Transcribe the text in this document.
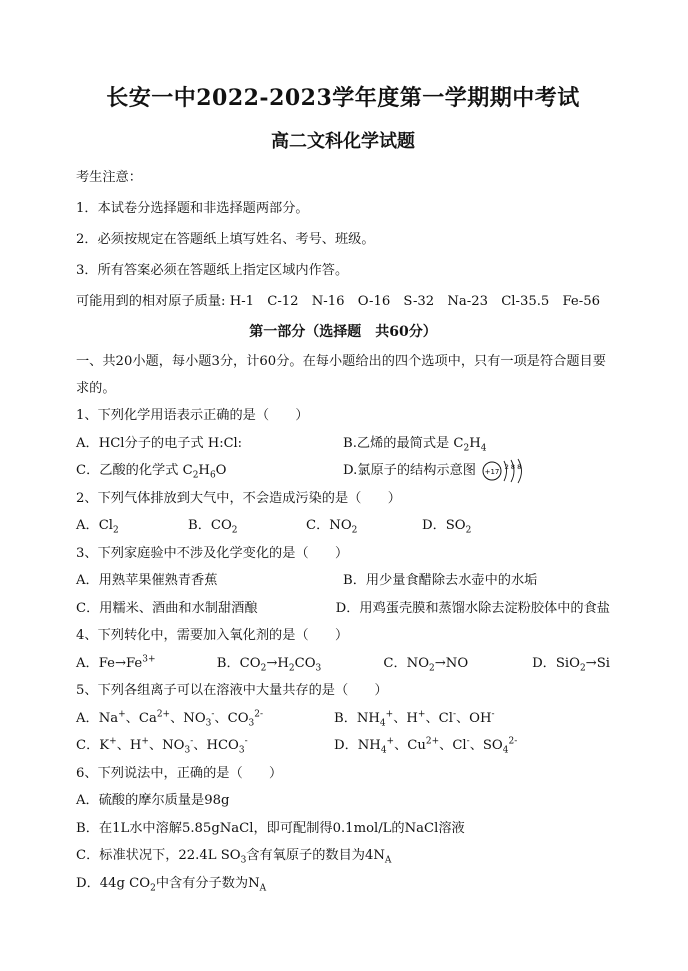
长安一中2022-2023学年度第一学期期中考试
高二文科化学试题
考生注意：
1．本试卷分选择题和非选择题两部分。
2．必须按规定在答题纸上填写姓名、考号、班级。
3．所有答案必须在答题纸上指定区域内作答。
可能用到的相对原子质量: H-1　C-12　N-16　O-16　S-32　Na-23　Cl-35.5　Fe-56
第一部分（选择题　共60分）
一、共20小题，每小题3分，计60分。在每小题给出的四个选项中，只有一项是符合题目要求的。
1、下列化学用语表示正确的是（　　）
A．HCl分子的电子式 H:Cl:	B.乙烯的最简式是 $C_2H_4$
C．乙酸的化学式 $C_2H_6O$	D.氯原子的结构示意图 +17
2 8 8
2、下列气体排放到大气中，不会造成污染的是（　　）
A．$Cl_2$	B．$CO_2$	C．$NO_2$	D．$SO_2$
3、下列家庭验中不涉及化学变化的是（　　）
A．用熟苹果催熟青香蕉	B．用少量食醋除去水壶中的水垢
C．用糯米、酒曲和水制甜酒酿	D．用鸡蛋壳膜和蒸馏水除去淀粉胶体中的食盐
4、下列转化中，需要加入氧化剂的是（　　）
A．$Fe\to Fe^{3+}$	B．$CO_2\to H_2CO_3$	C．$NO_2\to NO$	D．SiO$_2$→Si
5、下列各组离子可以在溶液中大量共存的是（　　）
A．Na+、$Ca^{2+}$、$NO_3^-$、$CO_3^{2-}$	B．$NH_4^+$、H+、Cl-、OH-
C．K+、H+、$NO_3^-$、$HCO_3^-$	D．$NH_4^+$、$Cu^{2+}$、Cl-、$SO_4^{2-}$
6、下列说法中，正确的是（　　）
A．硫酸的摩尔质量是98g
B．在1L水中溶解5.85gNaCl，即可配制得0.1mol/L的NaCl溶液
C．标准状况下，22.4L $SO_3$含有氧原子的数目为$4N_A$
D．44g $CO_2$中含有分子数为$N_A$
